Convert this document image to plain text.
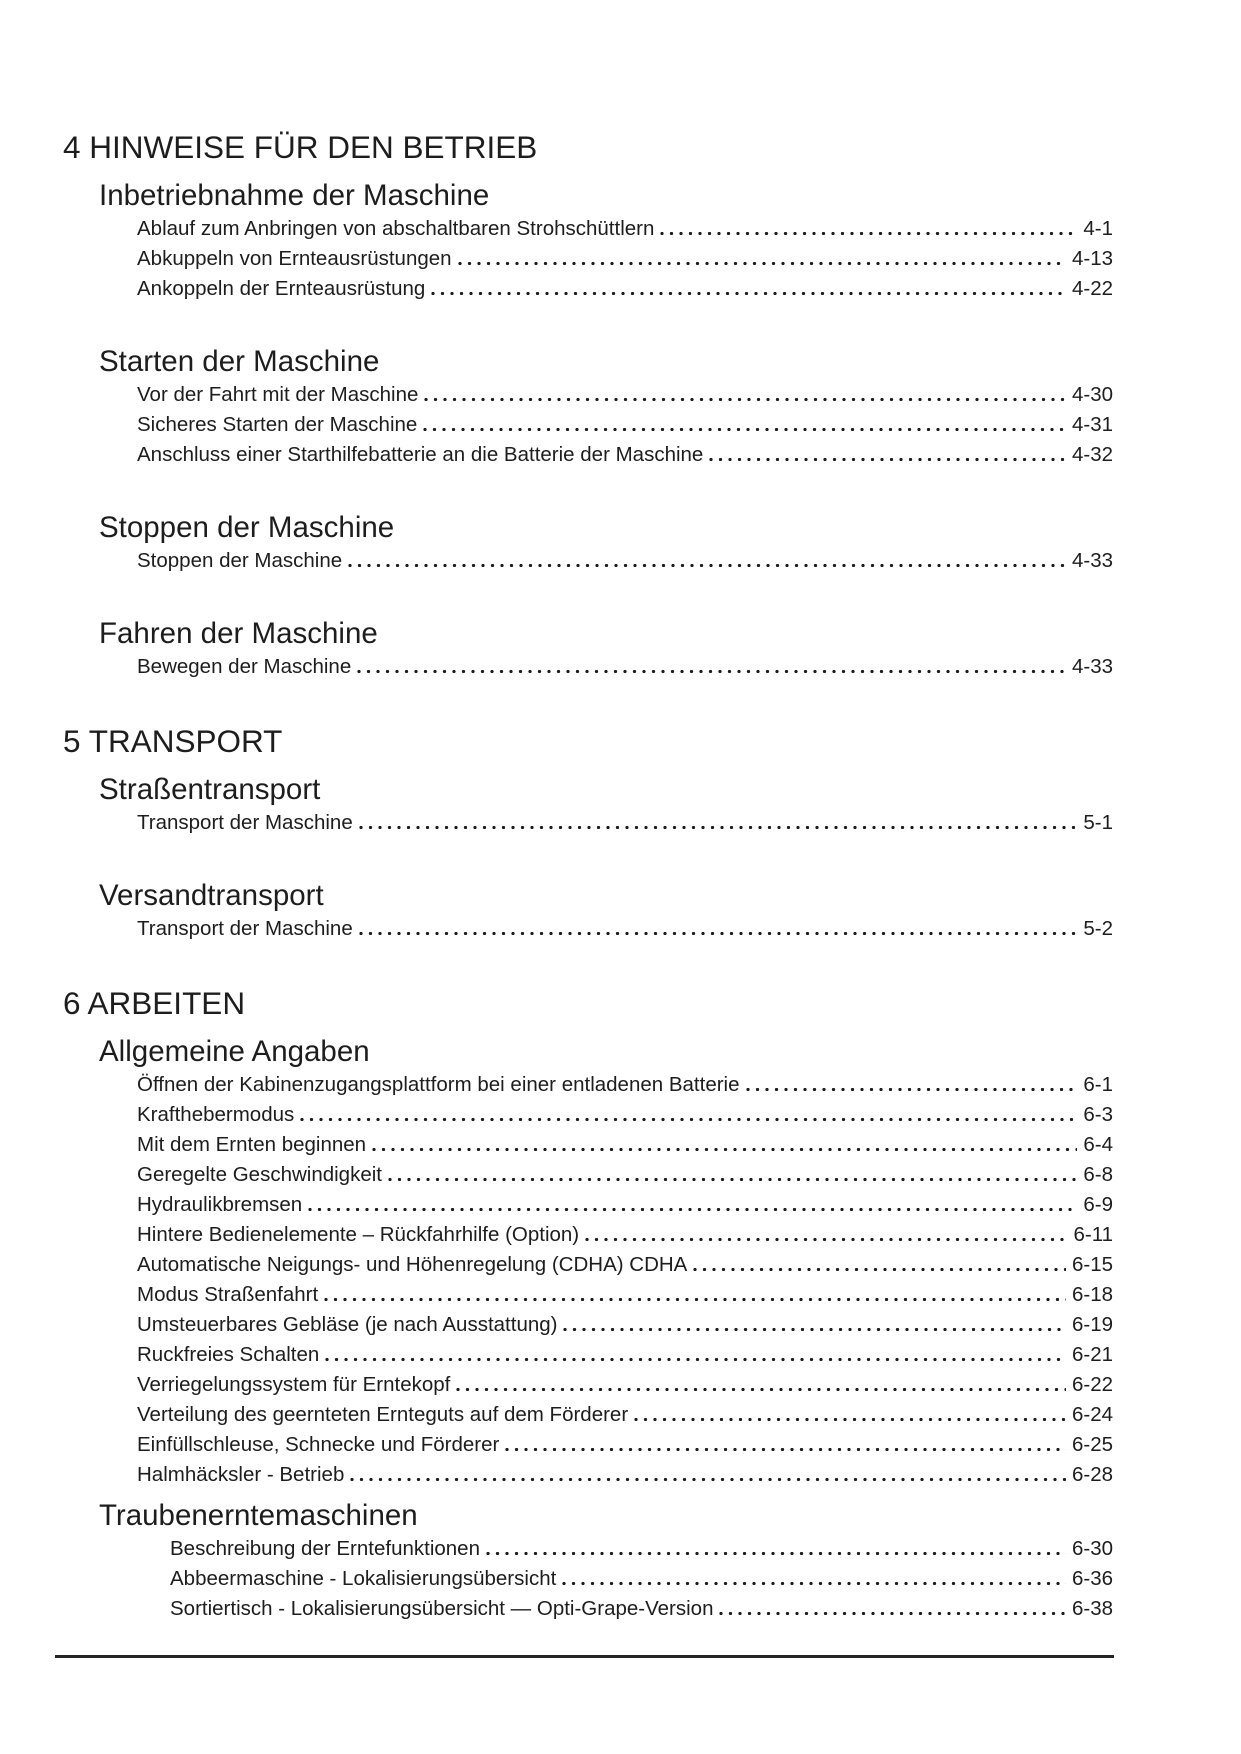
4 HINWEISE FÜR DEN BETRIEB
Inbetriebnahme der Maschine
Ablauf zum Anbringen von abschaltbaren Strohschüttlern	4-1
Abkuppeln von Ernteausrüstungen	4-13
Ankoppeln der Ernteausrüstung	4-22
Starten der Maschine
Vor der Fahrt mit der Maschine	4-30
Sicheres Starten der Maschine	4-31
Anschluss einer Starthilfebatterie an die Batterie der Maschine	4-32
Stoppen der Maschine
Stoppen der Maschine	4-33
Fahren der Maschine
Bewegen der Maschine	4-33
5 TRANSPORT
Straßentransport
Transport der Maschine	5-1
Versandtransport
Transport der Maschine	5-2
6 ARBEITEN
Allgemeine Angaben
Öffnen der Kabinenzugangsplattform bei einer entladenen Batterie	6-1
Krafthebermodus	6-3
Mit dem Ernten beginnen	6-4
Geregelte Geschwindigkeit	6-8
Hydraulikbremsen	6-9
Hintere Bedienelemente – Rückfahrhilfe (Option)	6-11
Automatische Neigungs- und Höhenregelung (CDHA) CDHA	6-15
Modus Straßenfahrt	6-18
Umsteuerbares Gebläse (je nach Ausstattung)	6-19
Ruckfreies Schalten	6-21
Verriegelungssystem für Erntekopf	6-22
Verteilung des geernteten Ernteguts auf dem Förderer	6-24
Einfüllschleuse, Schnecke und Förderer	6-25
Halmhäcksler - Betrieb	6-28
Traubenerntemaschinen
Beschreibung der Erntefunktionen	6-30
Abbeermaschine - Lokalisierungsübersicht	6-36
Sortiertisch - Lokalisierungsübersicht — Opti-Grape-Version	6-38
